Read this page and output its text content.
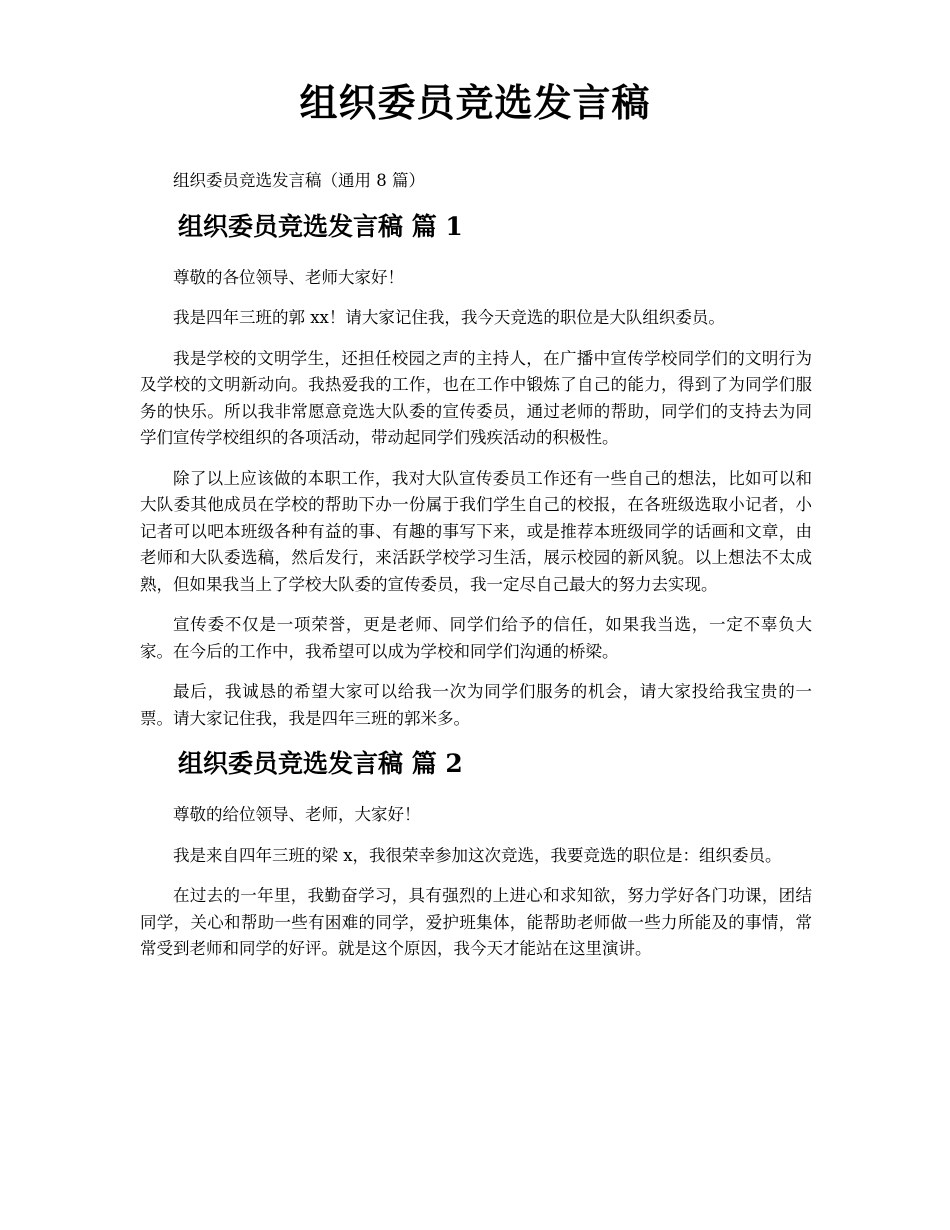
组织委员竞选发言稿

组织委员竞选发言稿（通用 8 篇）

组织委员竞选发言稿 篇 1

尊敬的各位领导、老师大家好！

我是四年三班的郭 xx！请大家记住我，我今天竞选的职位是大队组织委员。

我是学校的文明学生，还担任校园之声的主持人，在广播中宣传学校同学们的文明行为及学校的文明新动向。我热爱我的工作，也在工作中锻炼了自己的能力，得到了为同学们服务的快乐。所以我非常愿意竞选大队委的宣传委员，通过老师的帮助，同学们的支持去为同学们宣传学校组织的各项活动，带动起同学们残疾活动的积极性。

除了以上应该做的本职工作，我对大队宣传委员工作还有一些自己的想法，比如可以和大队委其他成员在学校的帮助下办一份属于我们学生自己的校报，在各班级选取小记者，小记者可以吧本班级各种有益的事、有趣的事写下来，或是推荐本班级同学的话画和文章，由老师和大队委选稿，然后发行，来活跃学校学习生活，展示校园的新风貌。以上想法不太成熟，但如果我当上了学校大队委的宣传委员，我一定尽自己最大的努力去实现。

宣传委不仅是一项荣誉，更是老师、同学们给予的信任，如果我当选，一定不辜负大家。在今后的工作中，我希望可以成为学校和同学们沟通的桥梁。

最后，我诚恳的希望大家可以给我一次为同学们服务的机会，请大家投给我宝贵的一票。请大家记住我，我是四年三班的郭米多。

组织委员竞选发言稿 篇 2

尊敬的给位领导、老师，大家好！

我是来自四年三班的梁 x，我很荣幸参加这次竞选，我要竞选的职位是：组织委员。

在过去的一年里，我勤奋学习，具有强烈的上进心和求知欲，努力学好各门功课，团结同学，关心和帮助一些有困难的同学，爱护班集体，能帮助老师做一些力所能及的事情，常常受到老师和同学的好评。就是这个原因，我今天才能站在这里演讲。
